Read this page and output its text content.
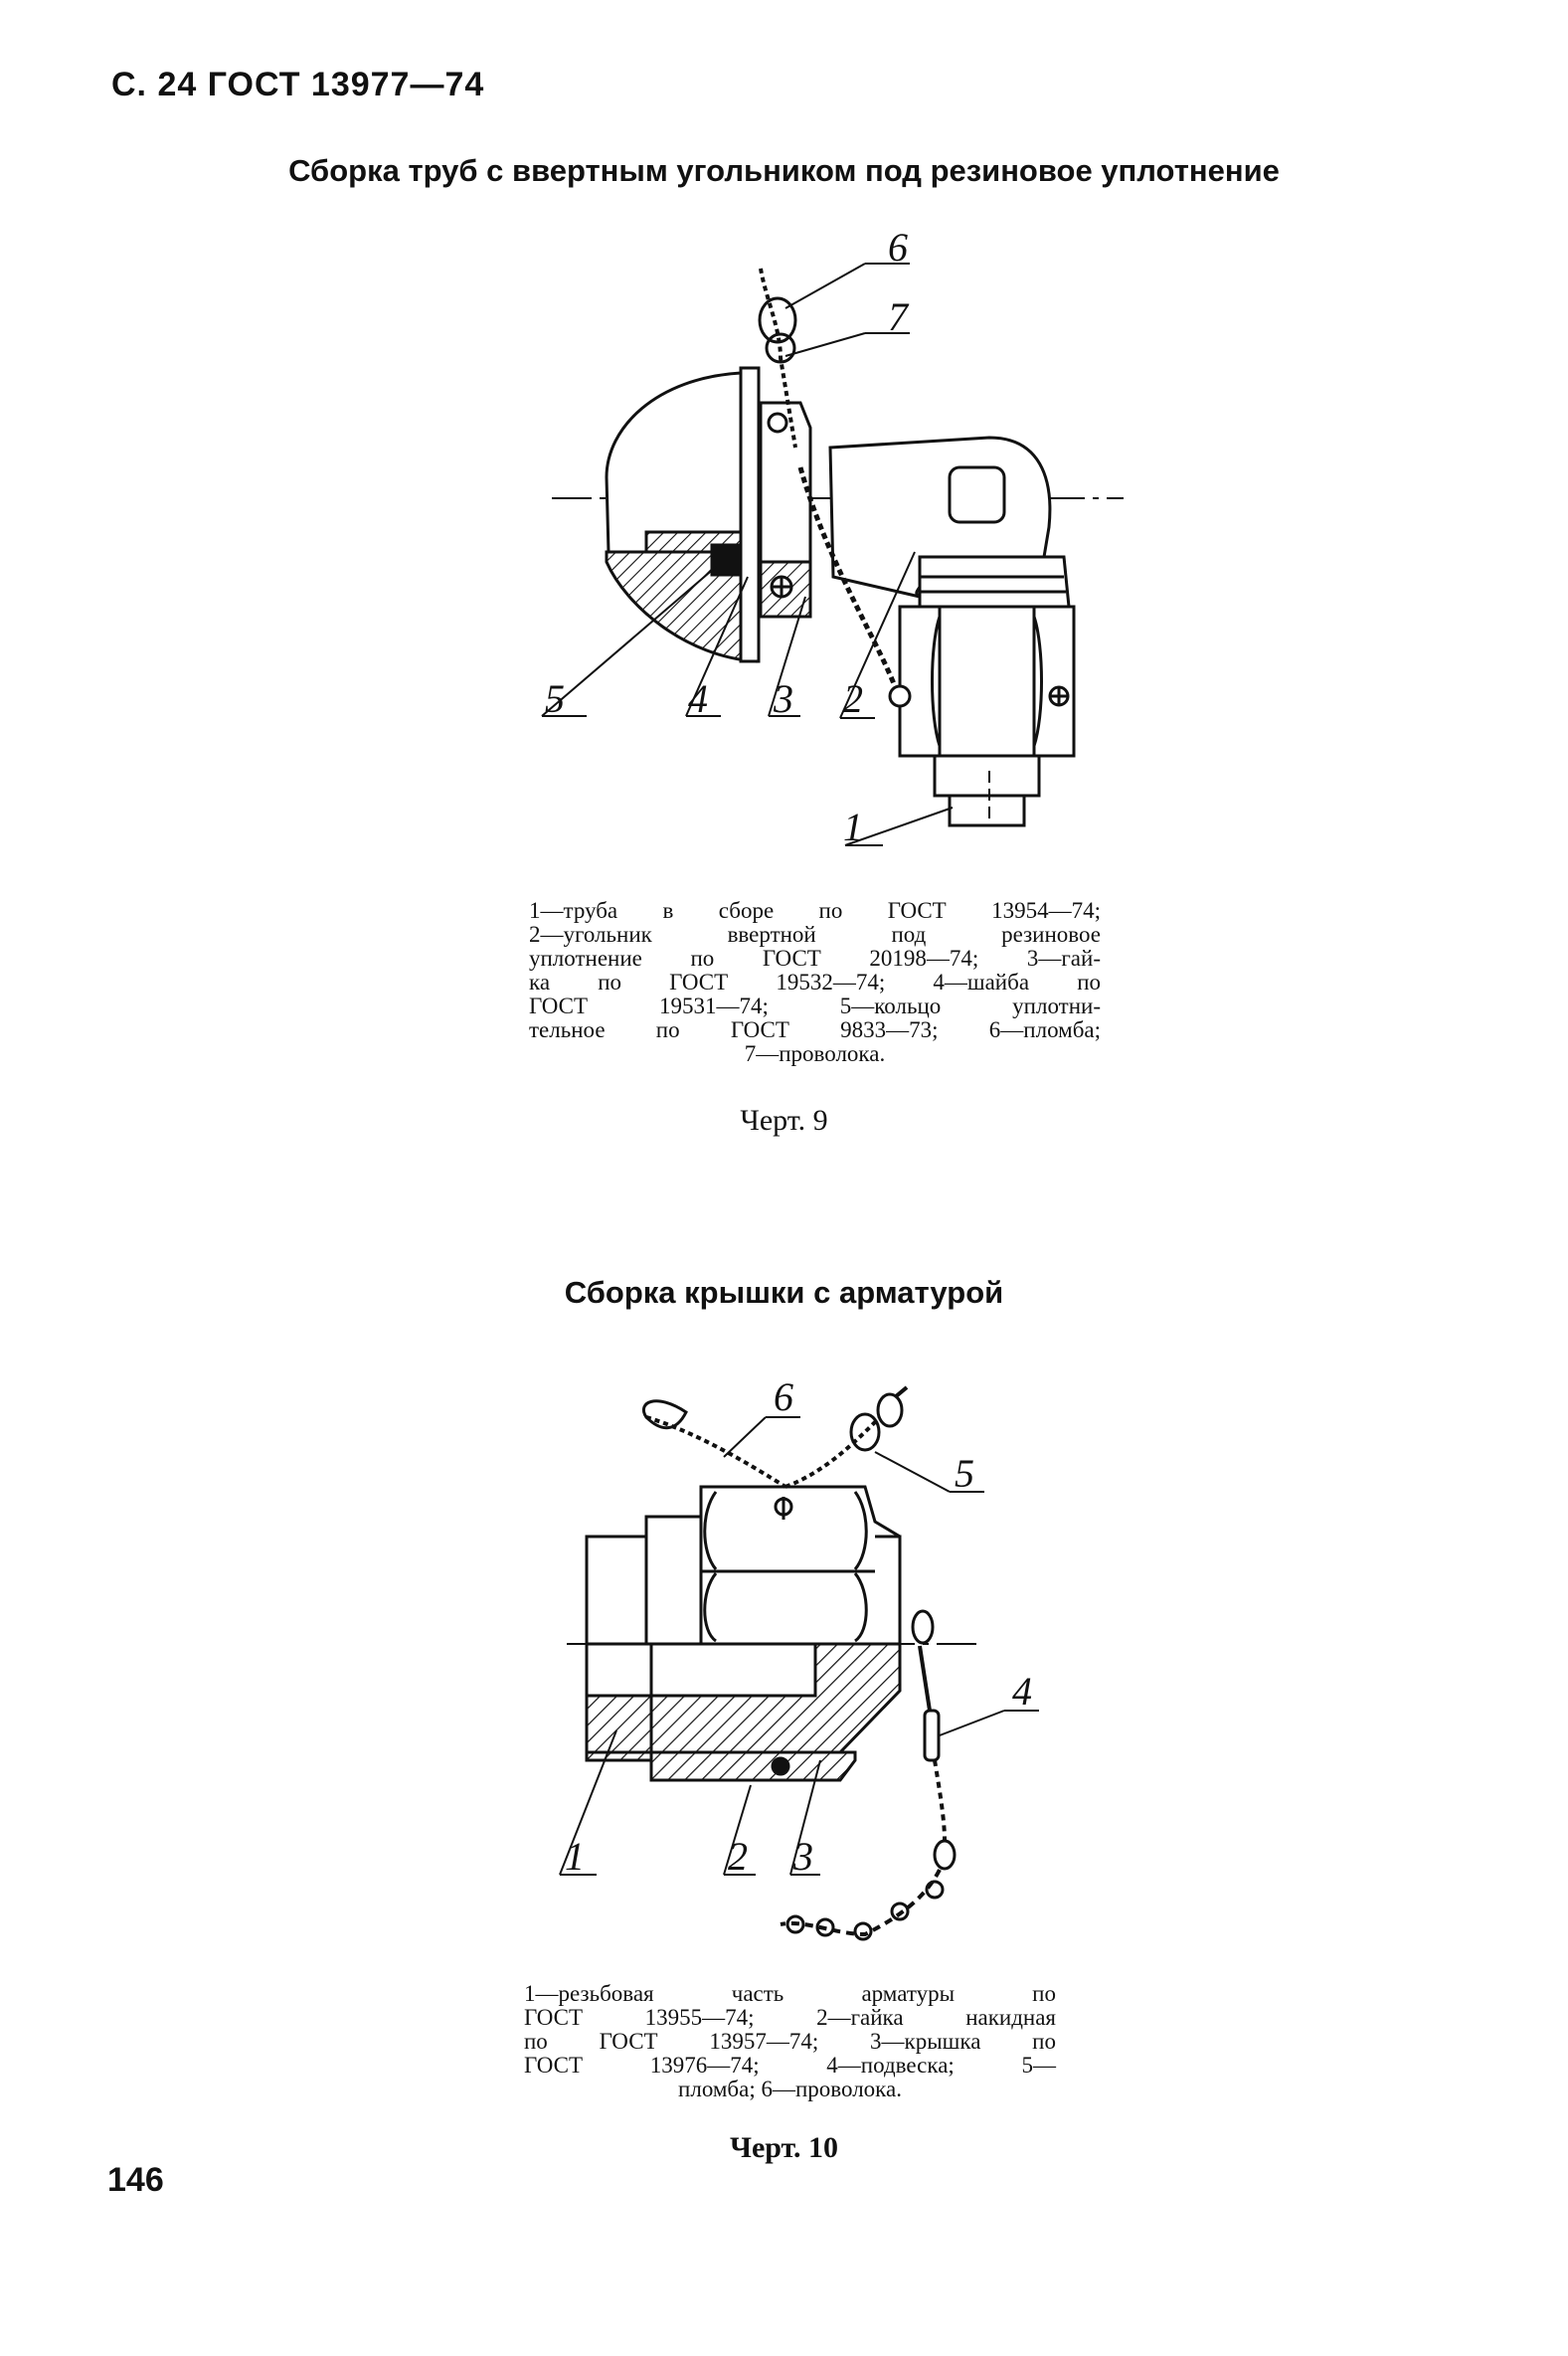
С. 24 ГОСТ 13977—74
Сборка труб с ввертным угольником под резиновое уплотнение
6
7
2
3
4
5
1

1—труба в сборе по ГОСТ 13954—74;

2—угольник ввертной под резиновое

уплотнение по ГОСТ 20198—74; 3—гай-

ка по ГОСТ 19532—74; 4—шайба по

ГОСТ 19531—74; 5—кольцо уплотни-

тельное по ГОСТ 9833—73; 6—пломба;

7—проволока.

Черт. 9
Сборка крышки с арматурой
6
5
4
1	2 3

1—резьбовая часть арматуры по

ГОСТ 13955—74; 2—гайка накидная

по ГОСТ 13957—74; 3—крышка по

ГОСТ 13976—74; 4—подвеска; 5—

пломба; 6—проволока.

Черт. 10
146
